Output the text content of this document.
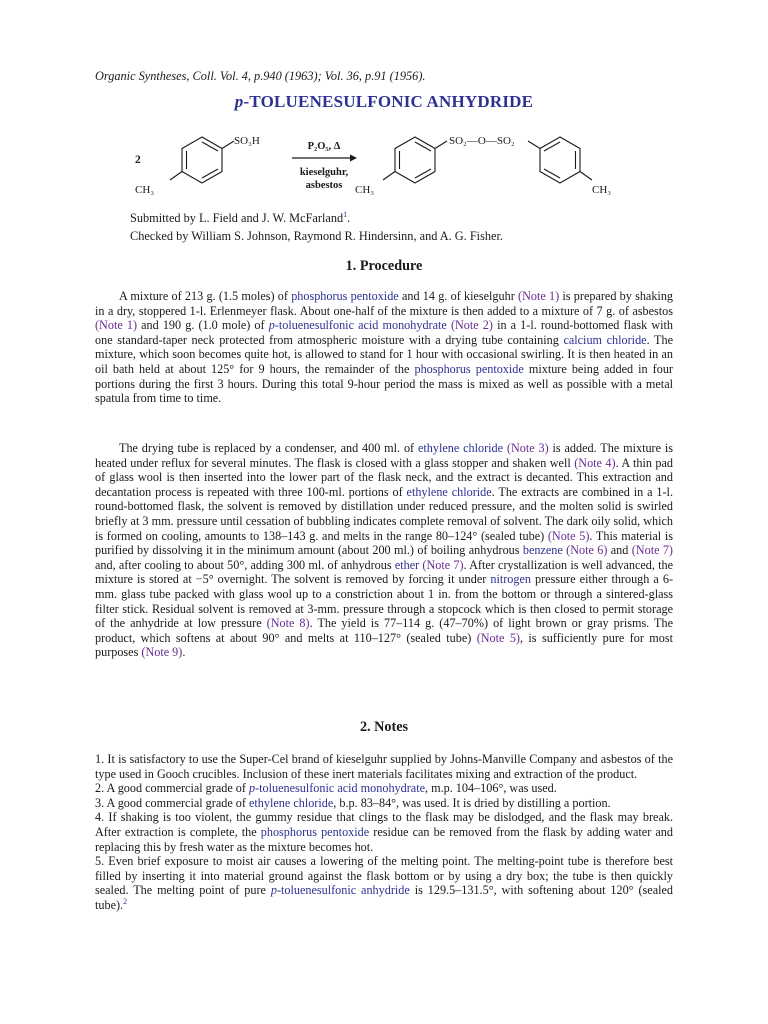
Organic Syntheses, Coll. Vol. 4, p.940 (1963); Vol. 36, p.91 (1956).
p-TOLUENESULFONIC ANHYDRIDE
2
SO₃H
CH₃
P₂O₅, Δ
kieselguhr,
asbestos CH₃
SO₂—O—SO₂
CH₃
Submitted by L. Field and J. W. McFarland$^1$.
Checked by William S. Johnson, Raymond R. Hindersinn, and A. G. Fisher.
1. Procedure

A mixture of 213 g. (1.5 moles) of phosphorus pentoxide and 14 g. of kieselguhr (Note 1) is prepared by shaking in a dry, stoppered 1-l. Erlenmeyer flask. About one-half of the mixture is then added to a mixture of 7 g. of asbestos (Note 1) and 190 g. (1.0 mole) of p-toluenesulfonic acid monohydrate (Note 2) in a 1-l. round-bottomed flask with one standard-taper neck protected from atmospheric moisture with a drying tube containing calcium chloride. The mixture, which soon becomes quite hot, is allowed to stand for 1 hour with occasional swirling. It is then heated in an oil bath held at about 125° for 9 hours, the remainder of the phosphorus pentoxide mixture being added in four portions during the first 3 hours. During this total 9-hour period the mass is mixed as well as possible with a metal spatula from time to time.

The drying tube is replaced by a condenser, and 400 ml. of ethylene chloride (Note 3) is added. The mixture is heated under reflux for several minutes. The flask is closed with a glass stopper and shaken well (Note 4). A thin pad of glass wool is then inserted into the lower part of the flask neck, and the extract is decanted. This extraction and decantation process is repeated with three 100-ml. portions of ethylene chloride. The extracts are combined in a 1-l. round-bottomed flask, the solvent is removed by distillation under reduced pressure, and the molten solid is swirled briefly at 3 mm. pressure until cessation of bubbling indicates complete removal of solvent. The dark oily solid, which is formed on cooling, amounts to 138–143 g. and melts in the range 80–124° (sealed tube) (Note 5). This material is purified by dissolving it in the minimum amount (about 200 ml.) of boiling anhydrous benzene (Note 6) and (Note 7) and, after cooling to about 50°, adding 300 ml. of anhydrous ether (Note 7). After crystallization is well advanced, the mixture is stored at −5° overnight. The solvent is removed by forcing it under nitrogen pressure either through a 6-mm. glass tube packed with glass wool up to a constriction about 1 in. from the bottom or through a sintered-glass filter stick. Residual solvent is removed at 3-mm. pressure through a stopcock which is then closed to permit storage of the anhydride at low pressure (Note 8). The yield is 77–114 g. (47–70%) of light brown or gray prisms. The product, which softens at about 90° and melts at 110–127° (sealed tube) (Note 5), is sufficiently pure for most purposes (Note 9).

2. Notes

1. It is satisfactory to use the Super-Cel brand of kieselguhr supplied by Johns-Manville Company and asbestos of the type used in Gooch crucibles. Inclusion of these inert materials facilitates mixing and extraction of the product.

2. A good commercial grade of p-toluenesulfonic acid monohydrate, m.p. 104–106°, was used.

3. A good commercial grade of ethylene chloride, b.p. 83–84°, was used. It is dried by distilling a portion.

4. If shaking is too violent, the gummy residue that clings to the flask may be dislodged, and the flask may break. After extraction is complete, the phosphorus pentoxide residue can be removed from the flask by adding water and replacing this by fresh water as the mixture becomes hot.

5. Even brief exposure to moist air causes a lowering of the melting point. The melting-point tube is therefore best filled by inserting it into material ground against the flask bottom or by using a dry box; the tube is then quickly sealed. The melting point of pure p-toluenesulfonic anhydride is 129.5–131.5°, with softening about 120° (sealed tube).$^2$
